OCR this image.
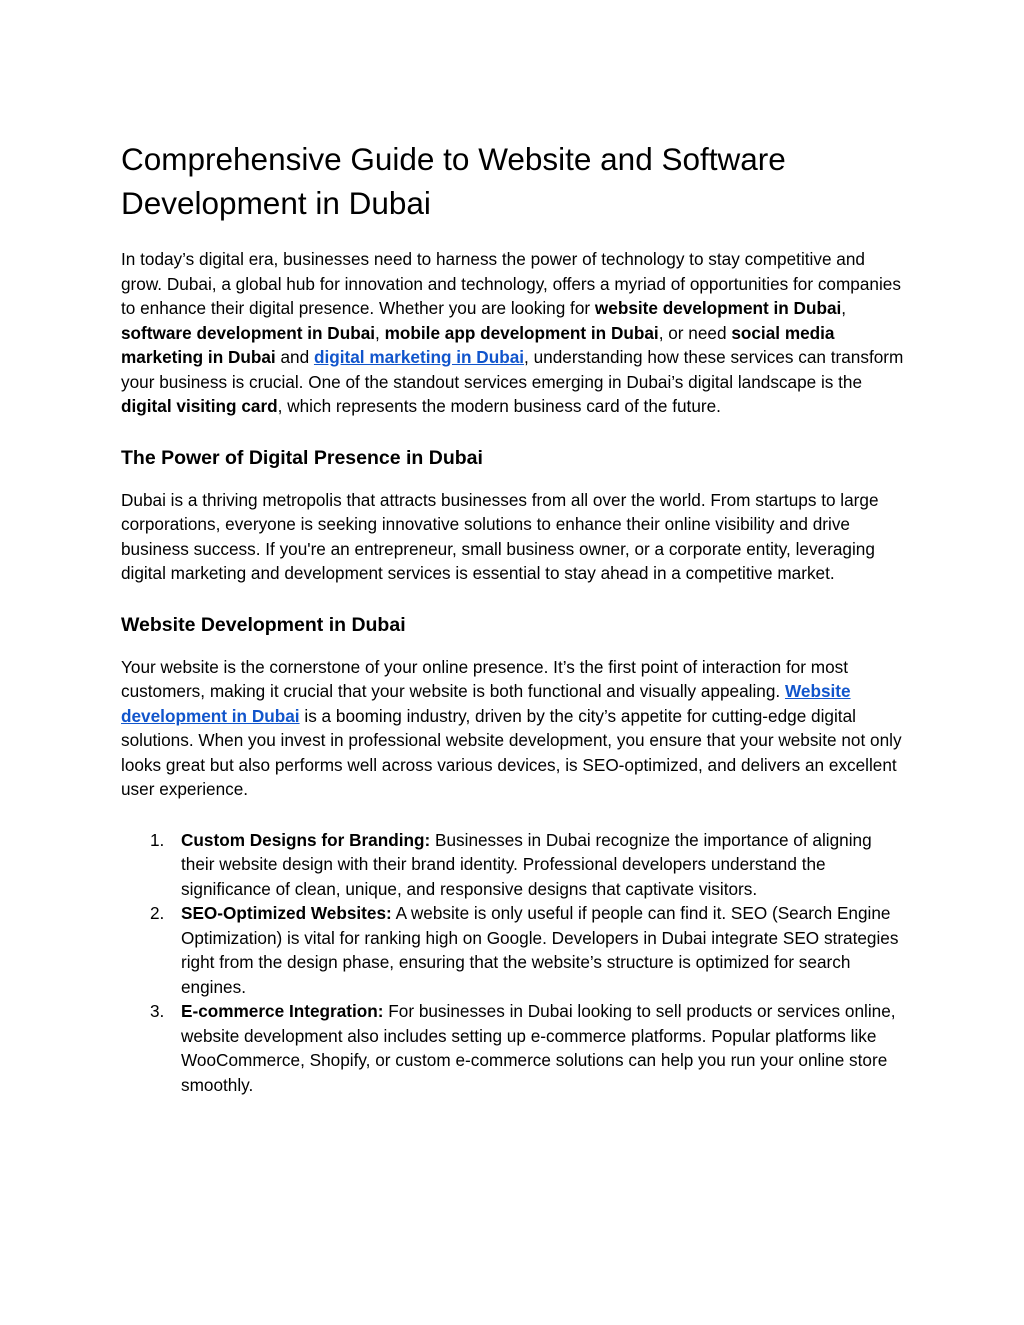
Comprehensive Guide to Website and Software Development in Dubai

In today’s digital era, businesses need to harness the power of technology to stay competitive and grow. Dubai, a global hub for innovation and technology, offers a myriad of opportunities for companies to enhance their digital presence. Whether you are looking for website development in Dubai, software development in Dubai, mobile app development in Dubai, or need social media marketing in Dubai and digital marketing in Dubai, understanding how these services can transform your business is crucial. One of the standout services emerging in Dubai’s digital landscape is the digital visiting card, which represents the modern business card of the future.

The Power of Digital Presence in Dubai

Dubai is a thriving metropolis that attracts businesses from all over the world. From startups to large corporations, everyone is seeking innovative solutions to enhance their online visibility and drive business success. If you're an entrepreneur, small business owner, or a corporate entity, leveraging digital marketing and development services is essential to stay ahead in a competitive market.

Website Development in Dubai

Your website is the cornerstone of your online presence. It’s the first point of interaction for most customers, making it crucial that your website is both functional and visually appealing. Website development in Dubai is a booming industry, driven by the city’s appetite for cutting-edge digital solutions. When you invest in professional website development, you ensure that your website not only looks great but also performs well across various devices, is SEO-optimized, and delivers an excellent user experience.

1. Custom Designs for Branding: Businesses in Dubai recognize the importance of aligning their website design with their brand identity. Professional developers understand the significance of clean, unique, and responsive designs that captivate visitors.
2. SEO-Optimized Websites: A website is only useful if people can find it. SEO (Search Engine Optimization) is vital for ranking high on Google. Developers in Dubai integrate SEO strategies right from the design phase, ensuring that the website’s structure is optimized for search engines.
3. E-commerce Integration: For businesses in Dubai looking to sell products or services online, website development also includes setting up e-commerce platforms. Popular platforms like WooCommerce, Shopify, or custom e-commerce solutions can help you run your online store smoothly.
